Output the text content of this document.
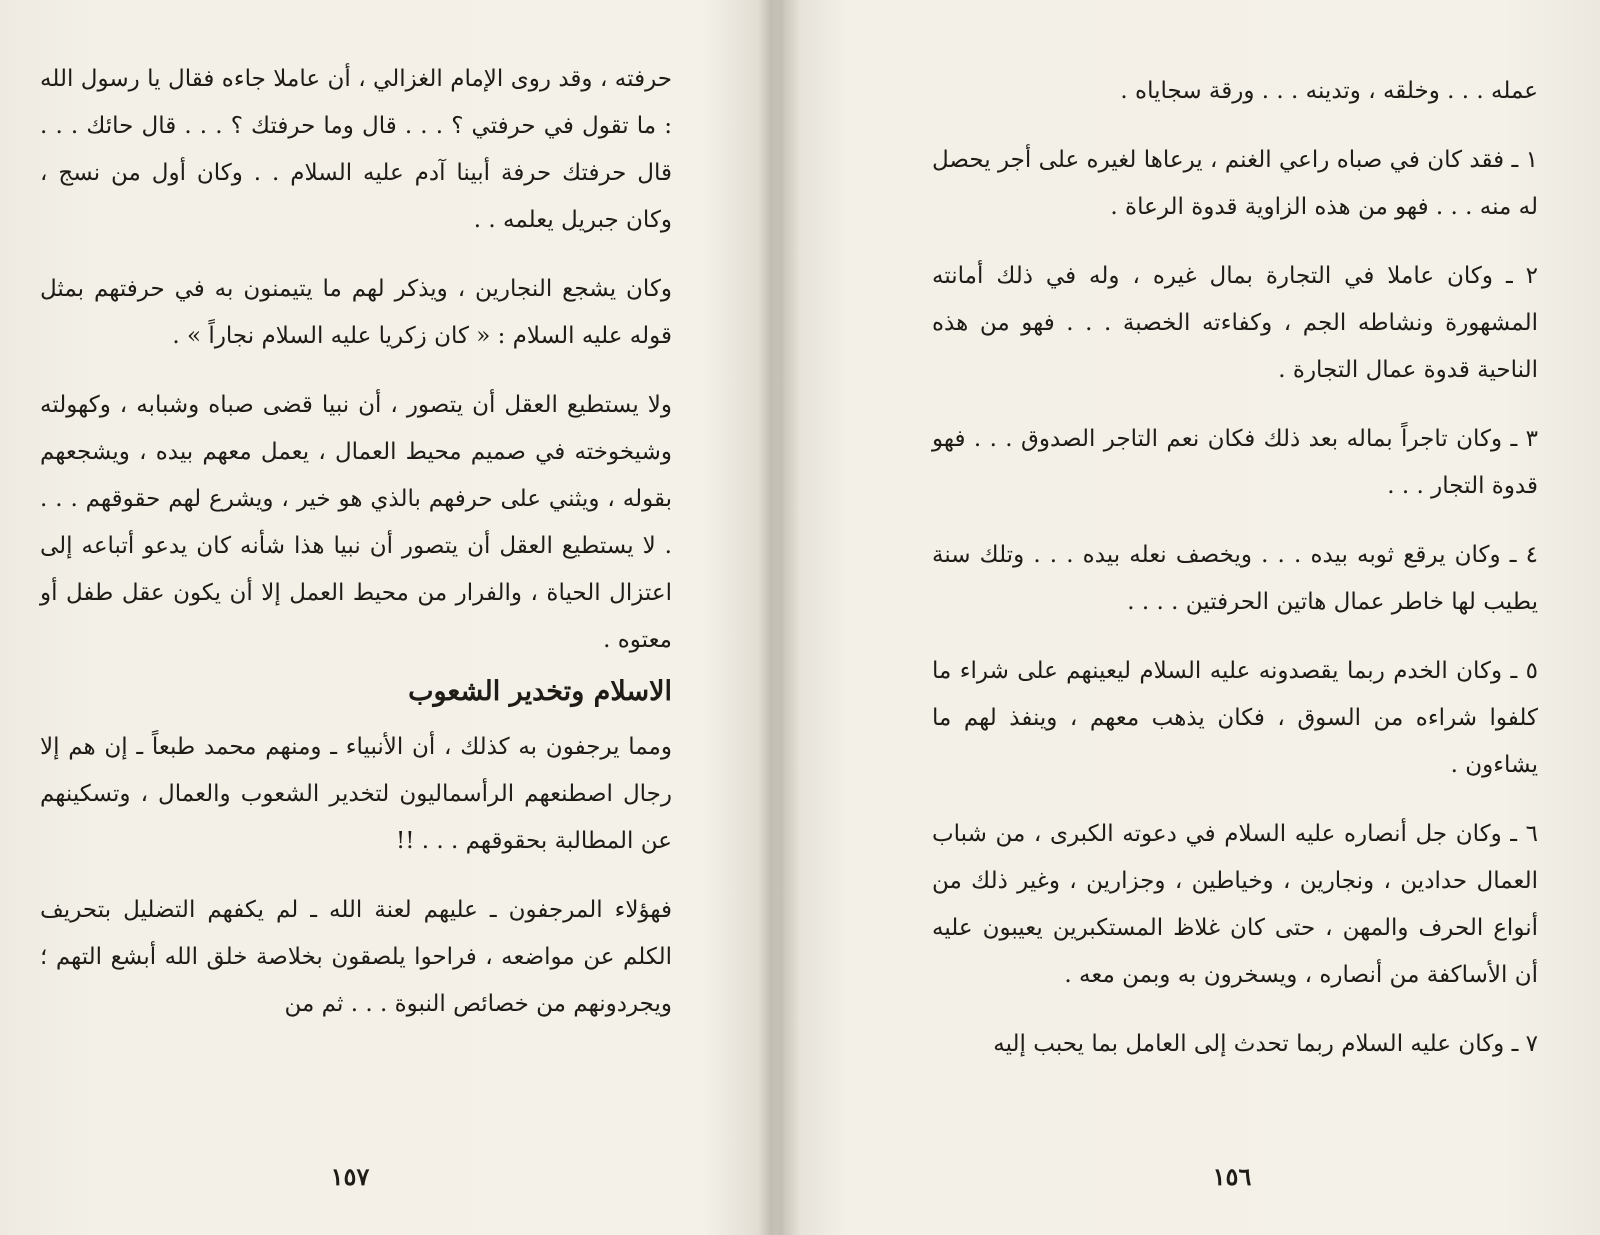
حرفته ، وقد روى الإمام الغزالي ، أن عاملا جاءه فقال يا رسول الله : ما تقول في حرفتي ؟ . . . قال وما حرفتك ؟ . . . قال حائك . . . قال حرفتك حرفة أبينا آدم عليه السلام . . وكان أول من نسج ، وكان جبريل يعلمه . .

وكان يشجع النجارين ، ويذكر لهم ما يتيمنون به في حرفتهم بمثل قوله عليه السلام : « كان زكريا عليه السلام نجاراً » .

ولا يستطيع العقل أن يتصور ، أن نبيا قضى صباه وشبابه ، وكهولته وشيخوخته في صميم محيط العمال ، يعمل معهم بيده ، ويشجعهم بقوله ، ويثني على حرفهم بالذي هو خير ، ويشرع لهم حقوقهم . . . . لا يستطيع العقل أن يتصور أن نبيا هذا شأنه كان يدعو أتباعه إلى اعتزال الحياة ، والفرار من محيط العمل إلا أن يكون عقل طفل أو معتوه .

الاسلام وتخدير الشعوب

ومما يرجفون به كذلك ، أن الأنبياء ـ ومنهم محمد طبعاً ـ إن هم إلا رجال اصطنعهم الرأسماليون لتخدير الشعوب والعمال ، وتسكينهم عن المطالبة بحقوقهم . . . !!

فهؤلاء المرجفون ـ عليهم لعنة الله ـ لم يكفهم التضليل بتحريف الكلم عن مواضعه ، فراحوا يلصقون بخلاصة خلق الله أبشع التهم ؛ ويجردونهم من خصائص النبوة . . . ثم من

١٥٧

عمله . . . وخلقه ، وتدينه . . . ورقة سجاياه .

١ ـ فقد كان في صباه راعي الغنم ، يرعاها لغيره على أجر يحصل له منه . . . فهو من هذه الزاوية قدوة الرعاة .

٢ ـ وكان عاملا في التجارة بمال غيره ، وله في ذلك أمانته المشهورة ونشاطه الجم ، وكفاءته الخصبة . . . فهو من هذه الناحية قدوة عمال التجارة .

٣ ـ وكان تاجراً بماله بعد ذلك فكان نعم التاجر الصدوق . . . فهو قدوة التجار . . .

٤ ـ وكان يرقع ثوبه بيده . . . ويخصف نعله بيده . . . وتلك سنة يطيب لها خاطر عمال هاتين الحرفتين . . . .

٥ ـ وكان الخدم ربما يقصدونه عليه السلام ليعينهم على شراء ما كلفوا شراءه من السوق ، فكان يذهب معهم ، وينفذ لهم ما يشاءون .

٦ ـ وكان جل أنصاره عليه السلام في دعوته الكبرى ، من شباب العمال حدادين ، ونجارين ، وخياطين ، وجزارين ، وغير ذلك من أنواع الحرف والمهن ، حتى كان غلاظ المستكبرين يعيبون عليه أن الأساكفة من أنصاره ، ويسخرون به وبمن معه .

٧ ـ وكان عليه السلام ربما تحدث إلى العامل بما يحبب إليه

١٥٦
